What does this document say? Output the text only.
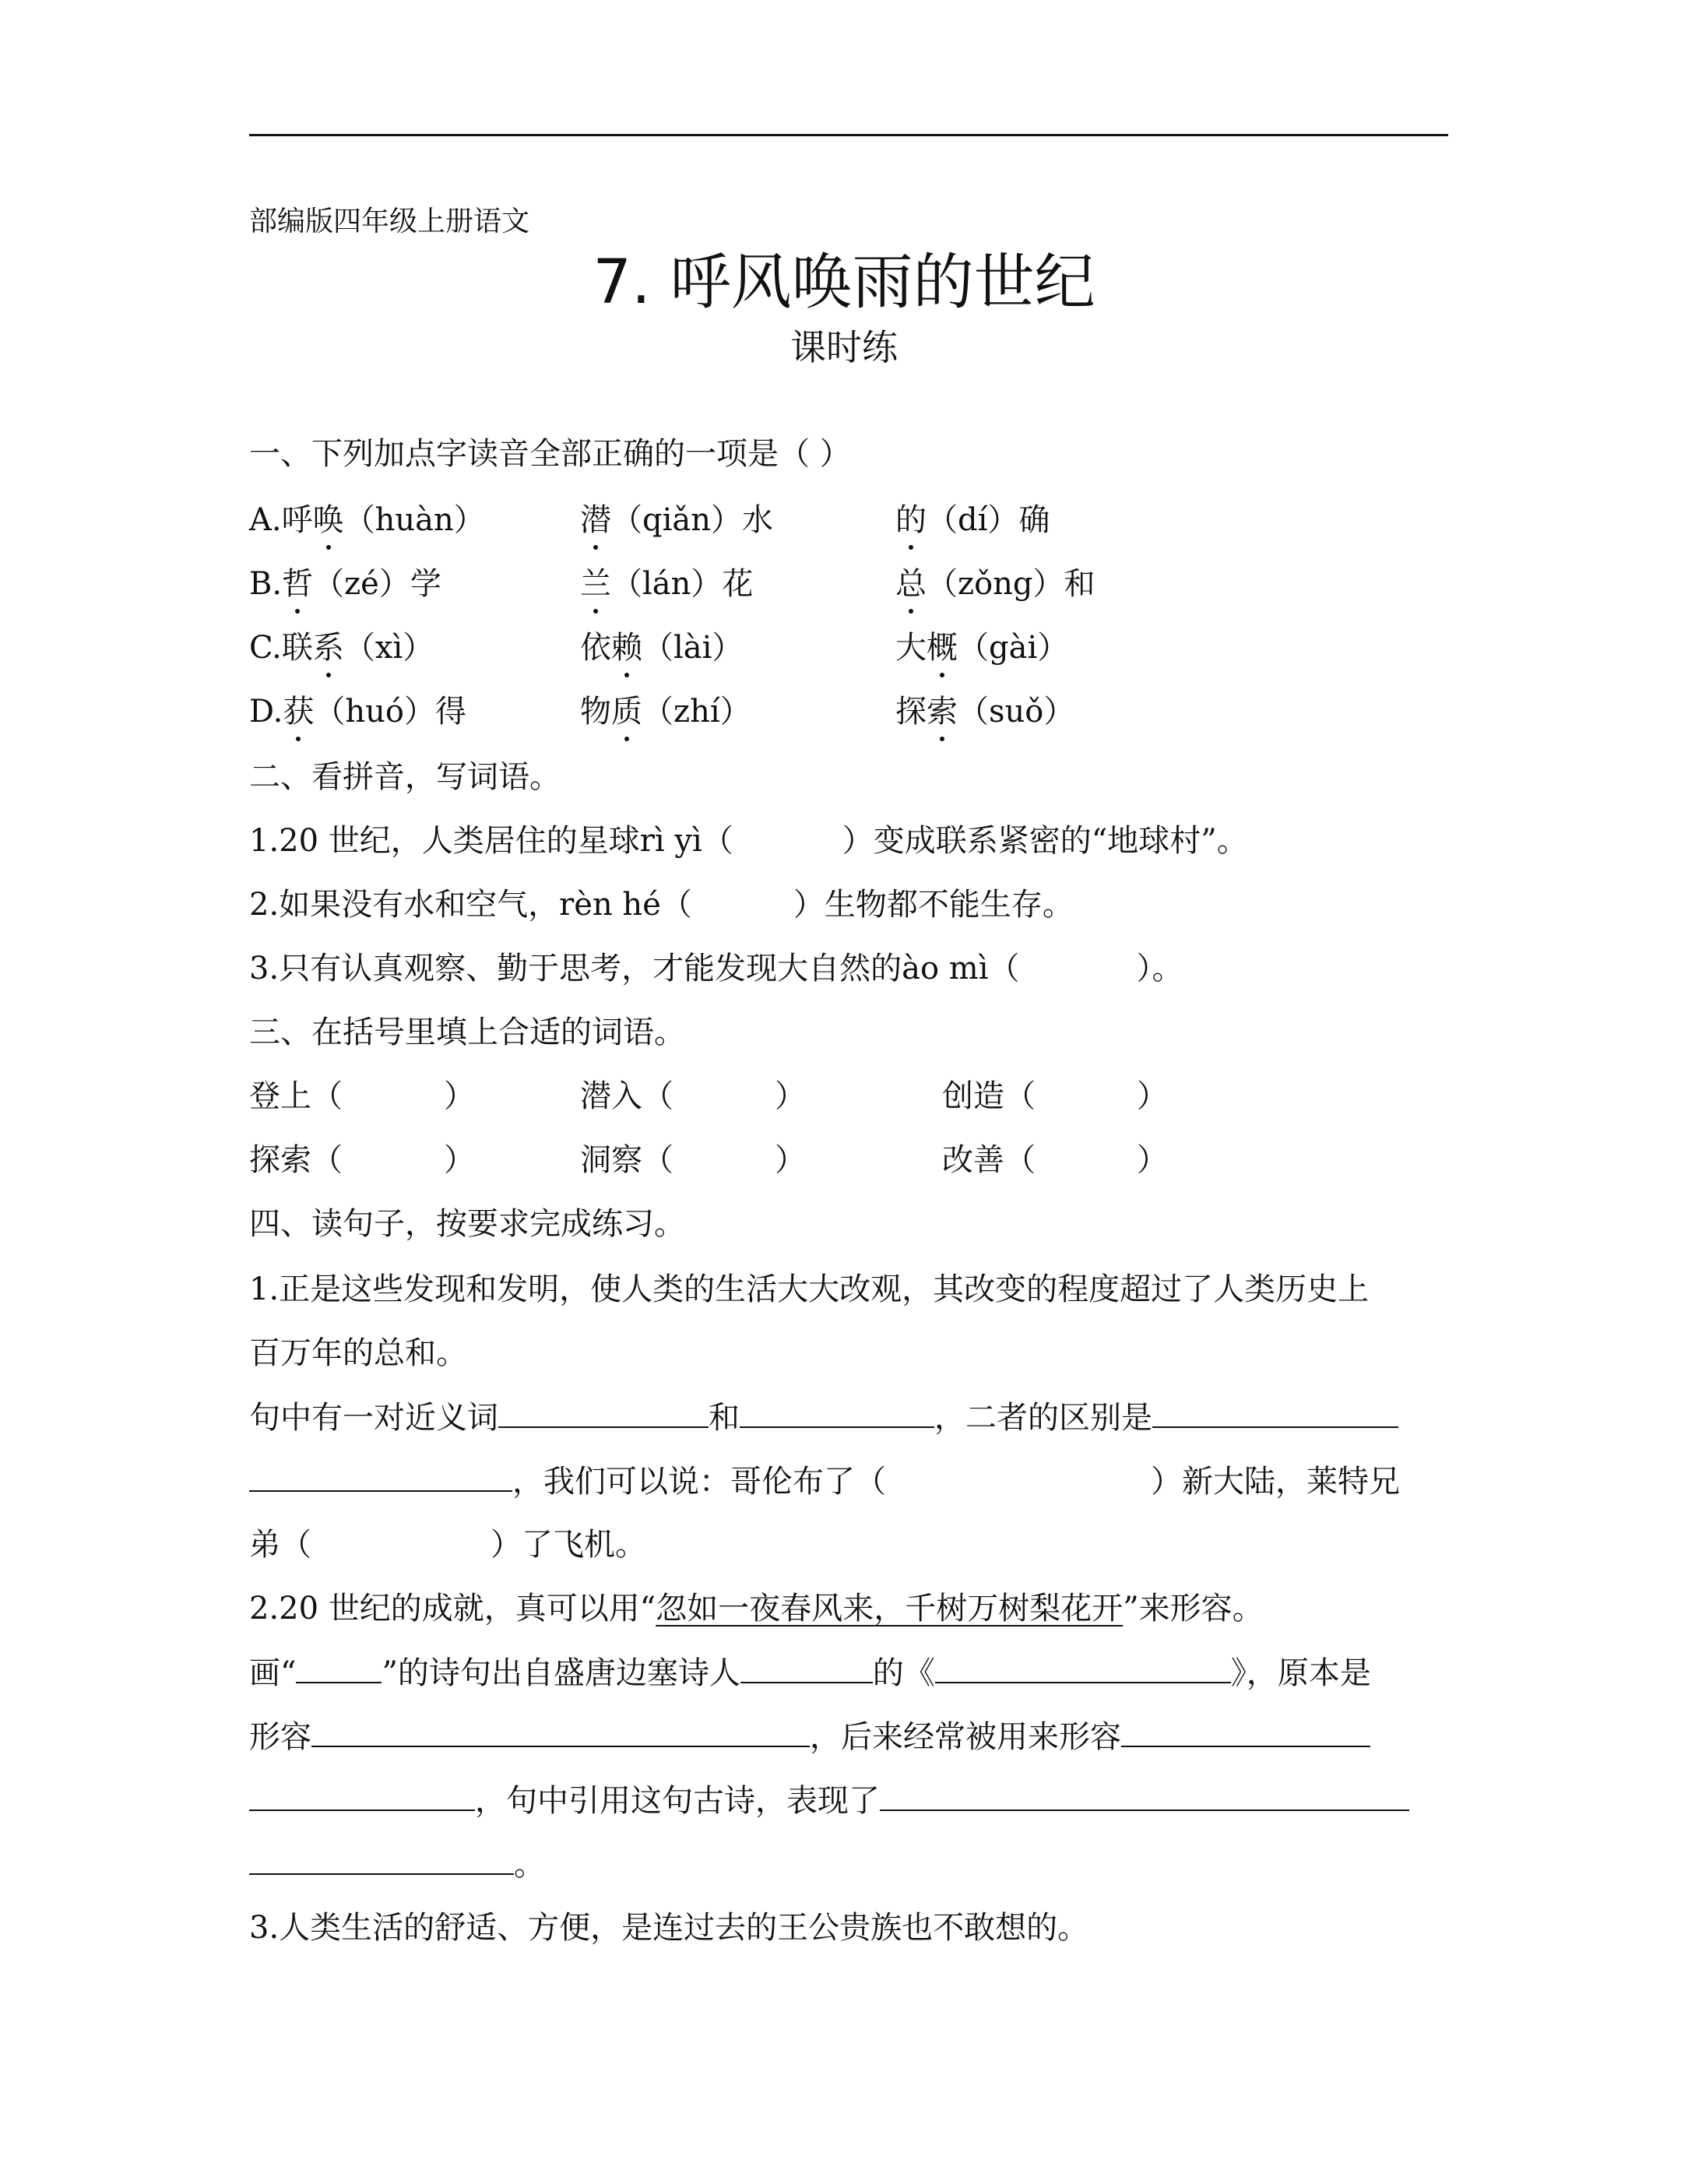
部编版四年级上册语文
7. 呼风唤雨的世纪
课时练
一、下列加点字读音全部正确的一项是（ ）
A.呼唤（huàn）	潜（qiǎn）水	的（dí）确
B.哲（zé）学	兰（lán）花	总（zǒng）和
C.联系（xì）	依赖（lài）	大概（gài）
D.获（huó）得	物质（zhí）	探索（suǒ）
二、看拼音，写词语。
1.20 世纪，人类居住的星球rì yì（	）变成联系紧密的“地球村”。
2.如果没有水和空气，rèn hé（	）生物都不能生存。
3.只有认真观察、勤于思考，才能发现大自然的ào mì（	）。
三、在括号里填上合适的词语。
登上（	）	潜入（	）	创造（	）
探索（	）	洞察（	）	改善（	）
四、读句子，按要求完成练习。
1.正是这些发现和发明，使人类的生活大大改观，其改变的程度超过了人类历史上
百万年的总和。
句中有一对近义词	和	，二者的区别是
，我们可以说：哥伦布了（	）新大陆，莱特兄
弟（	）了飞机。
2.20 世纪的成就，真可以用“忽如一夜春风来，千树万树梨花开”来形容。
画“	”的诗句出自盛唐边塞诗人	的《	》，原本是
形容	，后来经常被用来形容
，句中引用这句古诗，表现了
。
3.人类生活的舒适、方便，是连过去的王公贵族也不敢想的。
